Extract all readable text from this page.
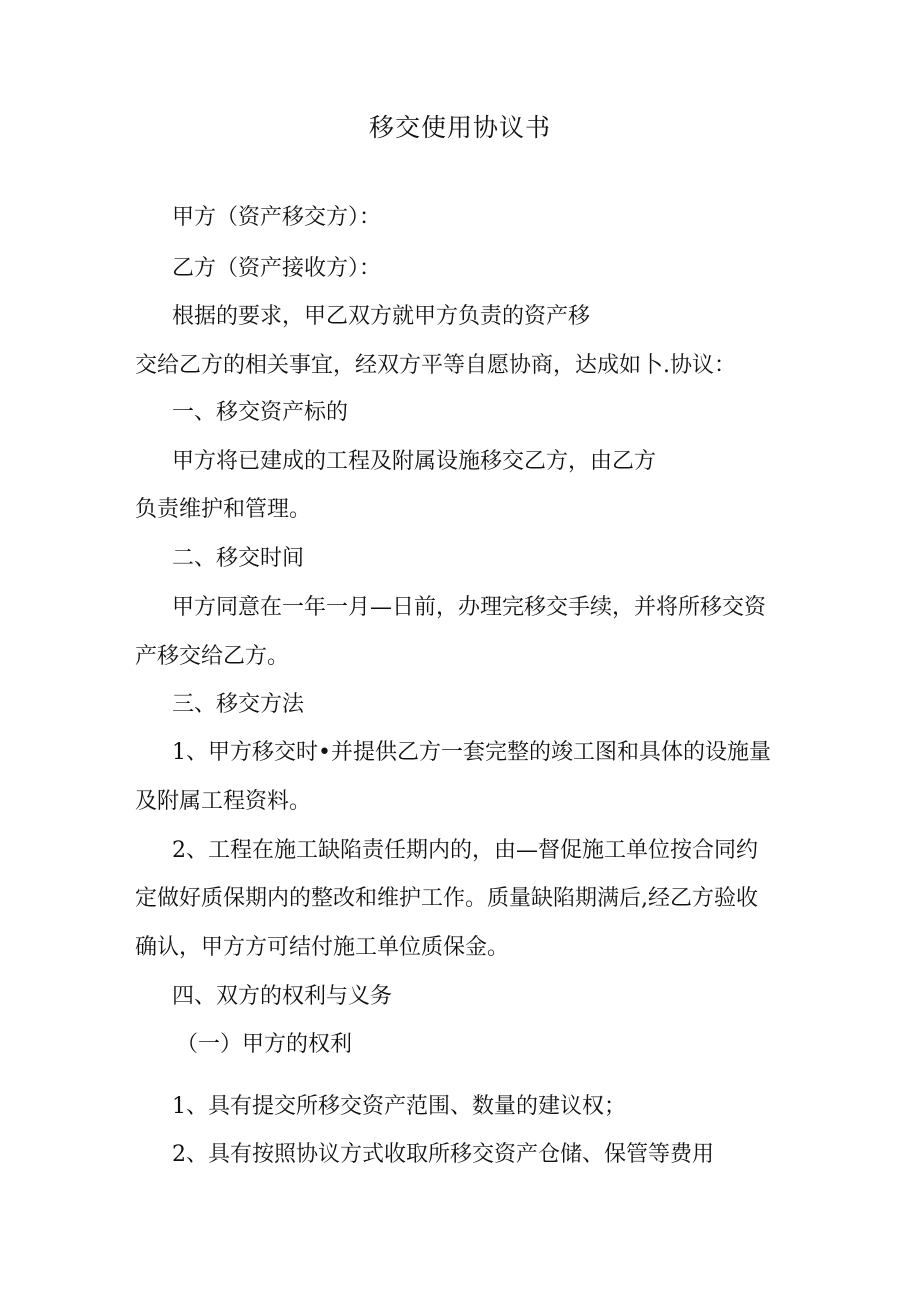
移交使用协议书
甲方（资产移交方）：
乙方（资产接收方）：
根据的要求，甲乙双方就甲方负责的资产移
交给乙方的相关事宜，经双方平等自愿协商，达成如卜.协议：
一、移交资产标的
甲方将已建成的工程及附属设施移交乙方，由乙方
负责维护和管理。
二、移交时间
甲方同意在一年一月—日前，办理完移交手续，并将所移交资
产移交给乙方。
三、移交方法
1、甲方移交时•并提供乙方一套完整的竣工图和具体的设施量
及附属工程资料。
2、工程在施工缺陷责任期内的，由—督促施工单位按合同约
定做好质保期内的整改和维护工作。质量缺陷期满后,经乙方验收
确认，甲方方可结付施工单位质保金。
四、双方的权利与义务
（一）甲方的权利
1、具有提交所移交资产范围、数量的建议权；
2、具有按照协议方式收取所移交资产仓储、保管等费用
